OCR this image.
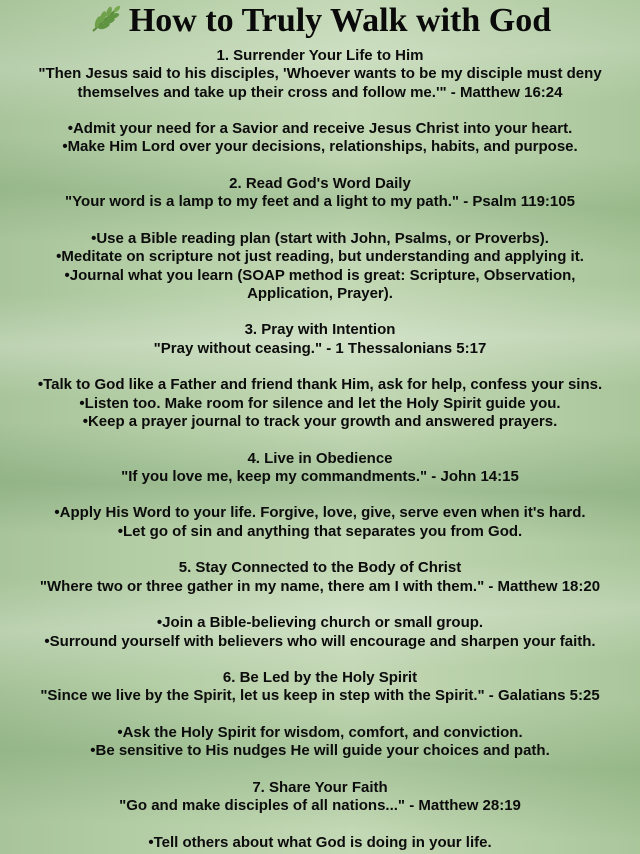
How to Truly Walk with God
1. Surrender Your Life to Him
"Then Jesus said to his disciples, 'Whoever wants to be my disciple must deny
themselves and take up their cross and follow me.'" - Matthew 16:24
•Admit your need for a Savior and receive Jesus Christ into your heart.
•Make Him Lord over your decisions, relationships, habits, and purpose.
2. Read God's Word Daily
"Your word is a lamp to my feet and a light to my path." - Psalm 119:105
•Use a Bible reading plan (start with John, Psalms, or Proverbs).
•Meditate on scripture not just reading, but understanding and applying it.
•Journal what you learn (SOAP method is great: Scripture, Observation,
Application, Prayer).
3. Pray with Intention
"Pray without ceasing." - 1 Thessalonians 5:17
•Talk to God like a Father and friend thank Him, ask for help, confess your sins.
•Listen too. Make room for silence and let the Holy Spirit guide you.
•Keep a prayer journal to track your growth and answered prayers.
4. Live in Obedience
"If you love me, keep my commandments." - John 14:15
•Apply His Word to your life. Forgive, love, give, serve even when it's hard.
•Let go of sin and anything that separates you from God.
5. Stay Connected to the Body of Christ
"Where two or three gather in my name, there am I with them." - Matthew 18:20
•Join a Bible-believing church or small group.
•Surround yourself with believers who will encourage and sharpen your faith.
6. Be Led by the Holy Spirit
"Since we live by the Spirit, let us keep in step with the Spirit." - Galatians 5:25
•Ask the Holy Spirit for wisdom, comfort, and conviction.
•Be sensitive to His nudges He will guide your choices and path.
7. Share Your Faith
"Go and make disciples of all nations..." - Matthew 28:19
•Tell others about what God is doing in your life.
